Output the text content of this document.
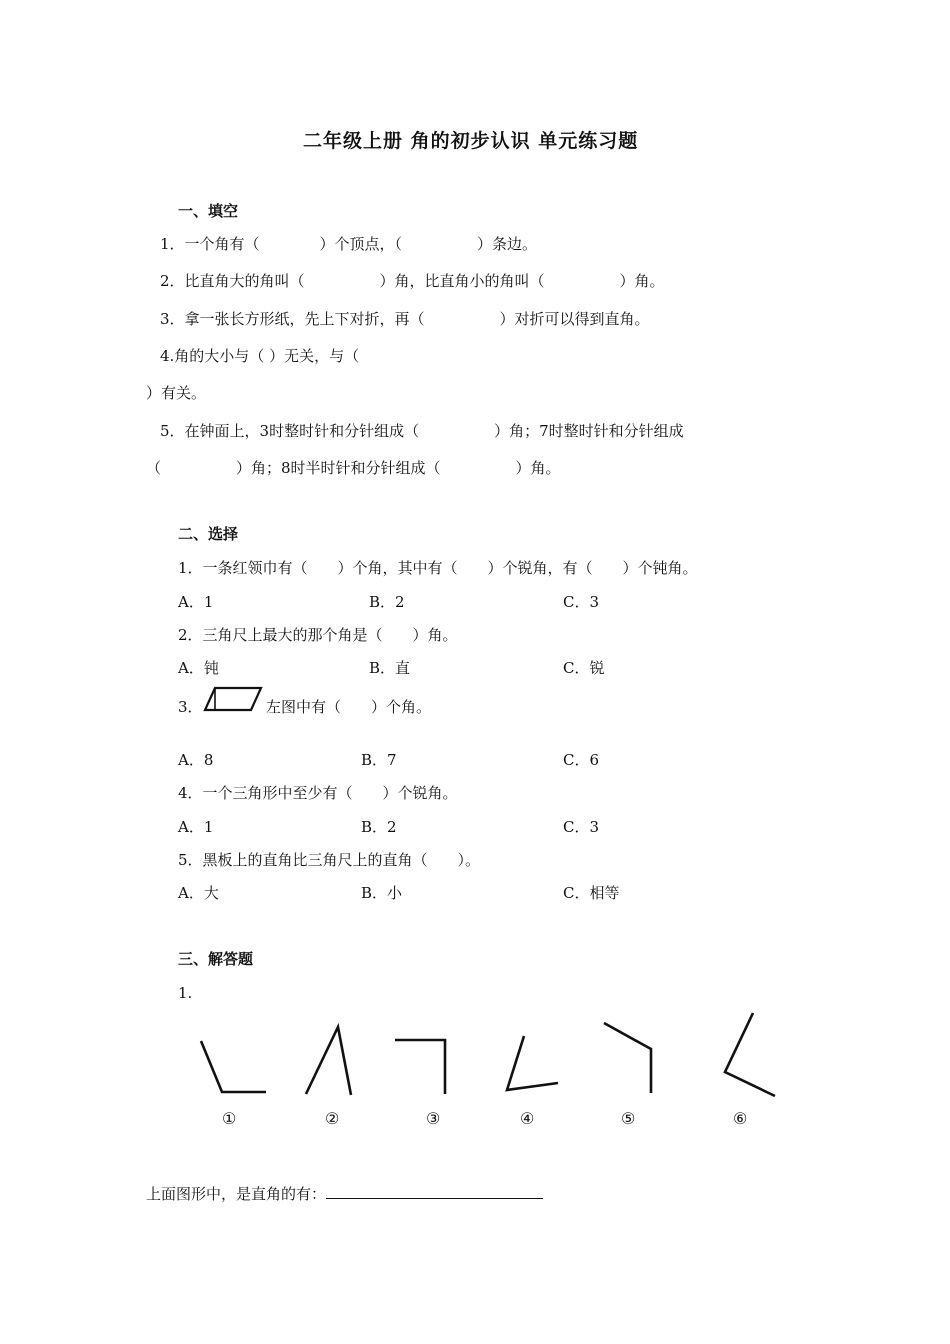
二年级上册 角的初步认识 单元练习题
一、填空
1．一个角有（　　　　）个顶点，（　　　　　）条边。
2．比直角大的角叫（　　　　　）角，比直角小的角叫（　　　　　）角。
3．拿一张长方形纸，先上下对折，再（　　　　　）对折可以得到直角。
4.角的大小与（ ）无关，与（
）有关。
5．在钟面上，3时整时针和分针组成（　　　　　）角；7时整时针和分针组成
（　　　　　）角；8时半时针和分针组成（　　　　　）角。
二、选择
1．一条红领巾有（　　）个角，其中有（　　）个锐角，有（　　）个钝角。
A．1	B．2	C．3
2．三角尺上最大的那个角是（　　）角。
A．钝	B．直	C．锐
3．	左图中有（　　）个角。
A．8	B．7	C．6
4．一个三角形中至少有（　　）个锐角。
A．1	B．2	C．3
5．黑板上的直角比三角尺上的直角（　　）。
A．大	B．小	C．相等
三、解答题
1.
①	②	③	④	⑤	⑥
上面图形中，是直角的有：
